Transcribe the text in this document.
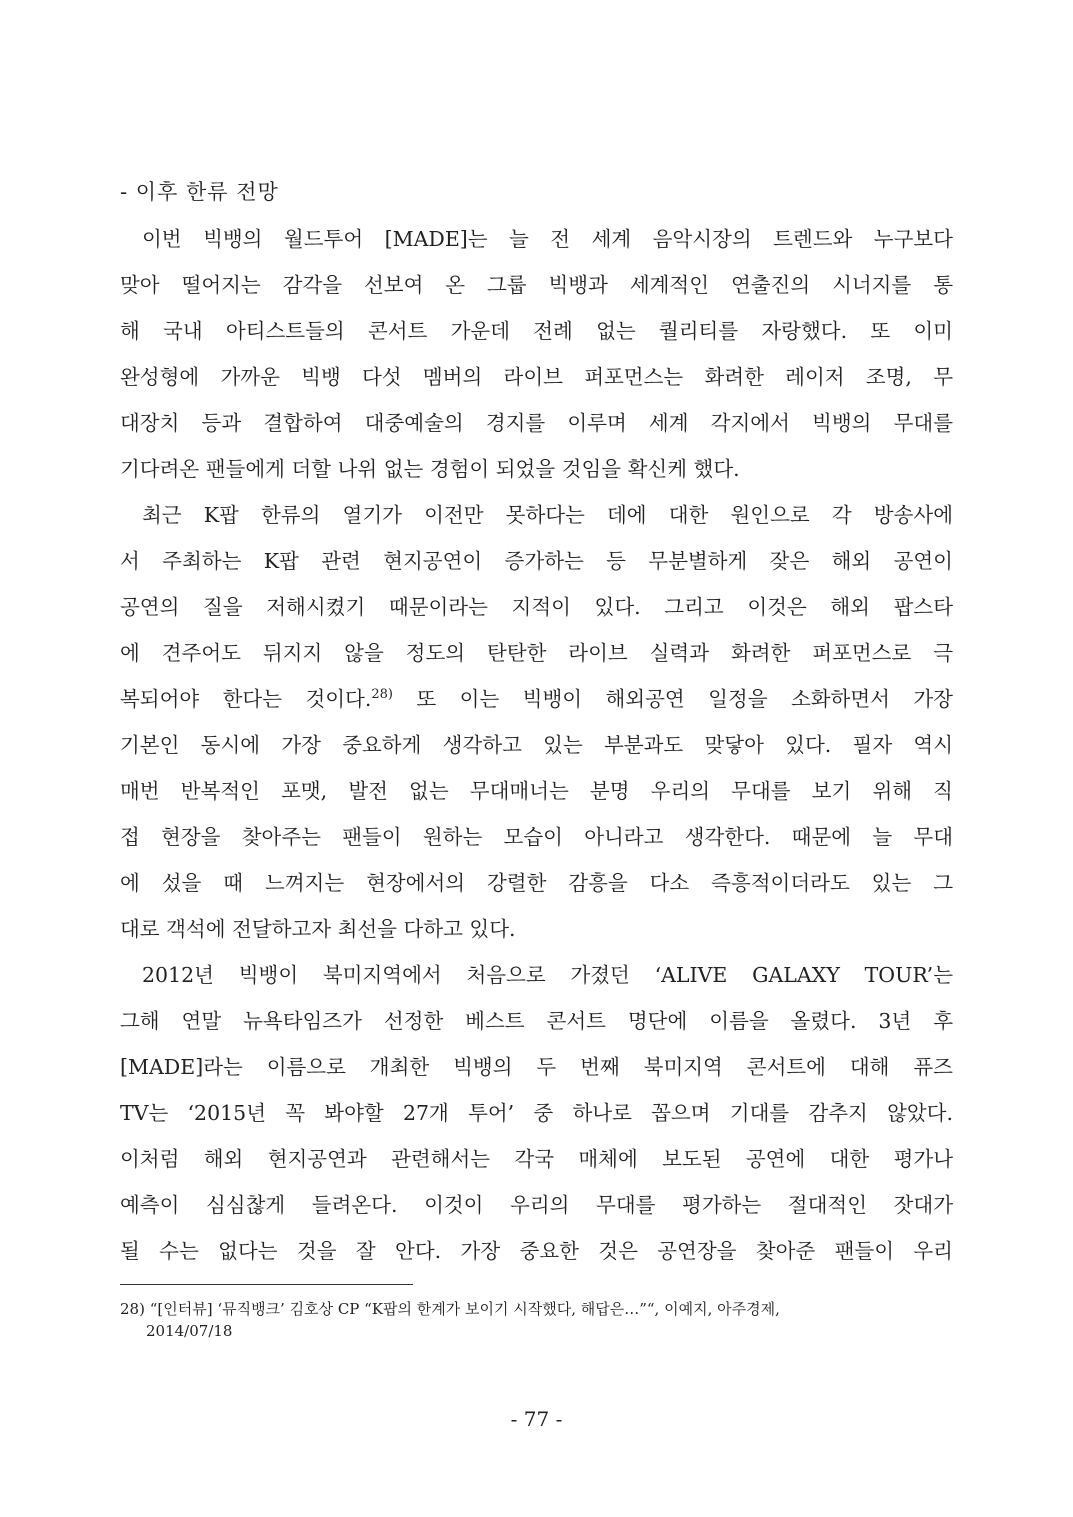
- 이후 한류 전망
이번 빅뱅의 월드투어 [MADE]는 늘 전 세계 음악시장의 트렌드와 누구보다
맞아 떨어지는 감각을 선보여 온 그룹 빅뱅과 세계적인 연출진의 시너지를 통
해 국내 아티스트들의 콘서트 가운데 전례 없는 퀄리티를 자랑했다. 또 이미
완성형에 가까운 빅뱅 다섯 멤버의 라이브 퍼포먼스는 화려한 레이저 조명, 무
대장치 등과 결합하여 대중예술의 경지를 이루며 세계 각지에서 빅뱅의 무대를
기다려온 팬들에게 더할 나위 없는 경험이 되었을 것임을 확신케 했다.
최근 K팝 한류의 열기가 이전만 못하다는 데에 대한 원인으로 각 방송사에
서 주최하는 K팝 관련 현지공연이 증가하는 등 무분별하게 잦은 해외 공연이
공연의 질을 저해시켰기 때문이라는 지적이 있다. 그리고 이것은 해외 팝스타
에 견주어도 뒤지지 않을 정도의 탄탄한 라이브 실력과 화려한 퍼포먼스로 극
복되어야 한다는 것이다.$^{28)}$ 또 이는 빅뱅이 해외공연 일정을 소화하면서 가장
기본인 동시에 가장 중요하게 생각하고 있는 부분과도 맞닿아 있다. 필자 역시
매번 반복적인 포맷, 발전 없는 무대매너는 분명 우리의 무대를 보기 위해 직
접 현장을 찾아주는 팬들이 원하는 모습이 아니라고 생각한다. 때문에 늘 무대
에 섰을 때 느껴지는 현장에서의 강렬한 감흥을 다소 즉흥적이더라도 있는 그
대로 객석에 전달하고자 최선을 다하고 있다.
2012년 빅뱅이 북미지역에서 처음으로 가졌던 ‘ALIVE GALAXY TOUR’는
그해 연말 뉴욕타임즈가 선정한 베스트 콘서트 명단에 이름을 올렸다. 3년 후
[MADE]라는 이름으로 개최한 빅뱅의 두 번째 북미지역 콘서트에 대해 퓨즈
TV는 ‘2015년 꼭 봐야할 27개 투어’ 중 하나로 꼽으며 기대를 감추지 않았다.
이처럼 해외 현지공연과 관련해서는 각국 매체에 보도된 공연에 대한 평가나
예측이 심심찮게 들려온다. 이것이 우리의 무대를 평가하는 절대적인 잣대가
될 수는 없다는 것을 잘 안다. 가장 중요한 것은 공연장을 찾아준 팬들이 우리
28) “[인터뷰] ‘뮤직뱅크’ 김호상 CP “K팝의 한계가 보이기 시작했다, 해답은…”“, 이예지, 아주경제,
2014/07/18
- 77 -
